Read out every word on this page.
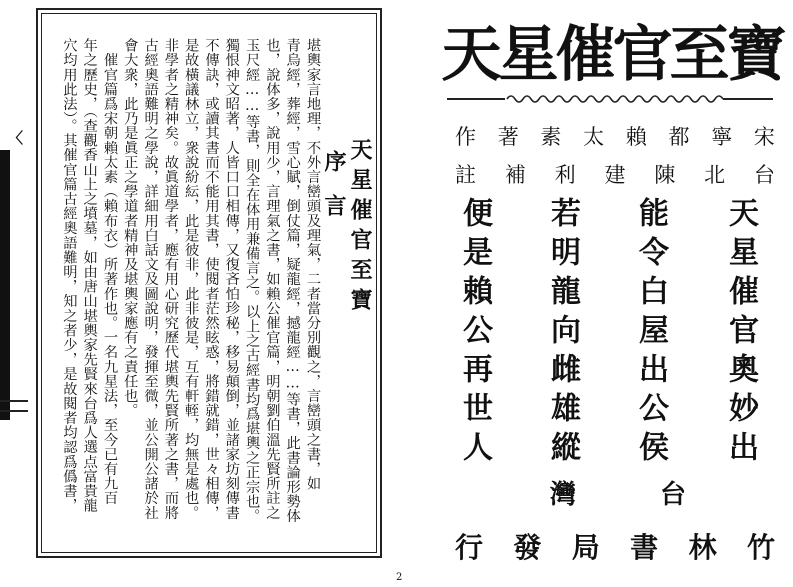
〈	天星催官至寶
序言
堪輿家言地理，不外言巒頭及理氣，二者當分別觀之，言巒頭之書，如
青烏經，葬經，雪心賦，倒仗篇，疑龍經，撼龍經……等書，此書論形勢体
也，說体多，說用少，言理氣之書，如賴公催官篇，明朝劉伯溫先賢所註之
玉尺經……等書，則全在体用兼備言之。以上之古經書均爲堪輿之正宗也。
獨恨神文昭著，人皆口口相傳，又復吝怕珍秘，移易顛倒，並諸家坊刻傳書
不傳訣，或讀其書而不能用其書，使閱者茫然眩惑，將錯就錯，世々相傳，
是故橫議林立，衆說紛紜，此是彼非，此非彼是，互有軒輊，均無是處也。
非學者之精神矣。故眞道學者，應有用心研究歷代堪輿先賢所著之書，而將
古經奧語難明之學說，詳細用白話文及圖說明，發揮至微，並公開公諸於社
會大衆，此乃是眞正之學道者精神及堪輿家應有之責任也。
　催官篇爲宋朝賴太素（賴布衣）所著作也。一名九星法，至今已有九百
年之歷史，（查觀香山上之墳墓，如由唐山堪輿家先賢來台爲人選点富貴龍
穴均用此法）。其催官篇古經奧語難明，知之者少，是故閱者均認爲僞書，
2
天星催官至寶
作 著 素 太 賴 都 寧 宋
註 補 利 建 陳 北 台
天星催官奧妙出
能令白屋出公侯
若明龍向雌雄縱
便是賴公再世人
灣	台
行 發 局 書 林 竹
